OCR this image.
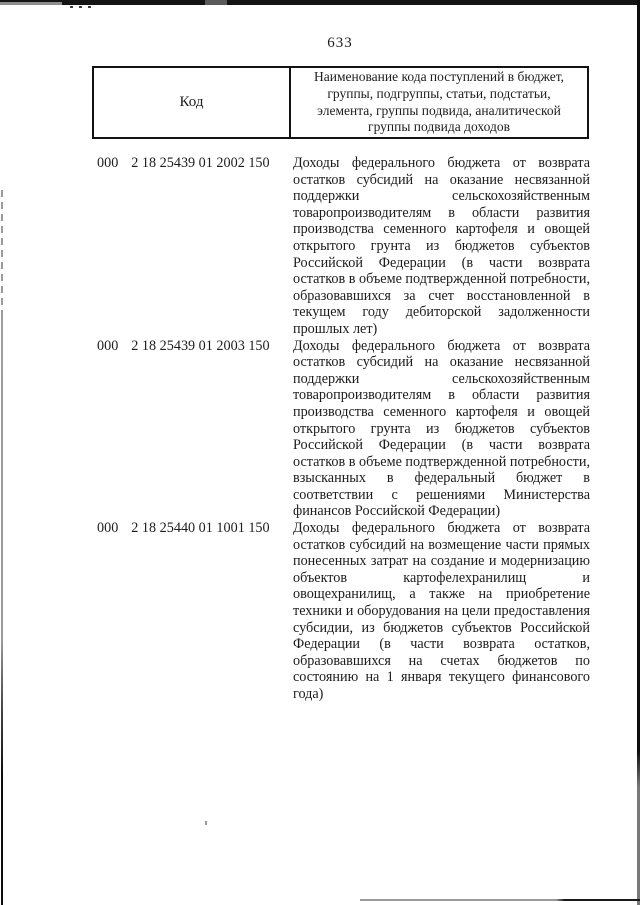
633
Код
Наименование кода поступлений в бюджет,
группы, подгруппы, статьи, подстатьи,
элемента, группы подвида, аналитической
группы подвида доходов
000 2 18 25439 01 2002 150 Доходы федерального бюджета от возврата остатков субсидий на оказание несвязанной поддержки сельскохозяйственным товаропроизводителям в области развития производства семенного картофеля и овощей открытого грунта из бюджетов субъектов Российской Федерации (в части возврата остатков в объеме подтвержденной потребности, образовавшихся за счет восстановленной в текущем году дебиторской задолженности прошлых лет)
000 2 18 25439 01 2003 150 Доходы федерального бюджета от возврата остатков субсидий на оказание несвязанной поддержки сельскохозяйственным товаропроизводителям в области развития производства семенного картофеля и овощей открытого грунта из бюджетов субъектов Российской Федерации (в части возврата остатков в объеме подтвержденной потребности, взысканных в федеральный бюджет в соответствии с решениями Министерства финансов Российской Федерации)
000 2 18 25440 01 1001 150 Доходы федерального бюджета от возврата остатков субсидий на возмещение части прямых понесенных затрат на создание и модернизацию объектов картофелехранилищ и овощехранилищ, а также на приобретение техники и оборудования на цели предоставления субсидии, из бюджетов субъектов Российской Федерации (в части возврата остатков, образовавшихся на счетах бюджетов по состоянию на 1 января текущего финансового года)
